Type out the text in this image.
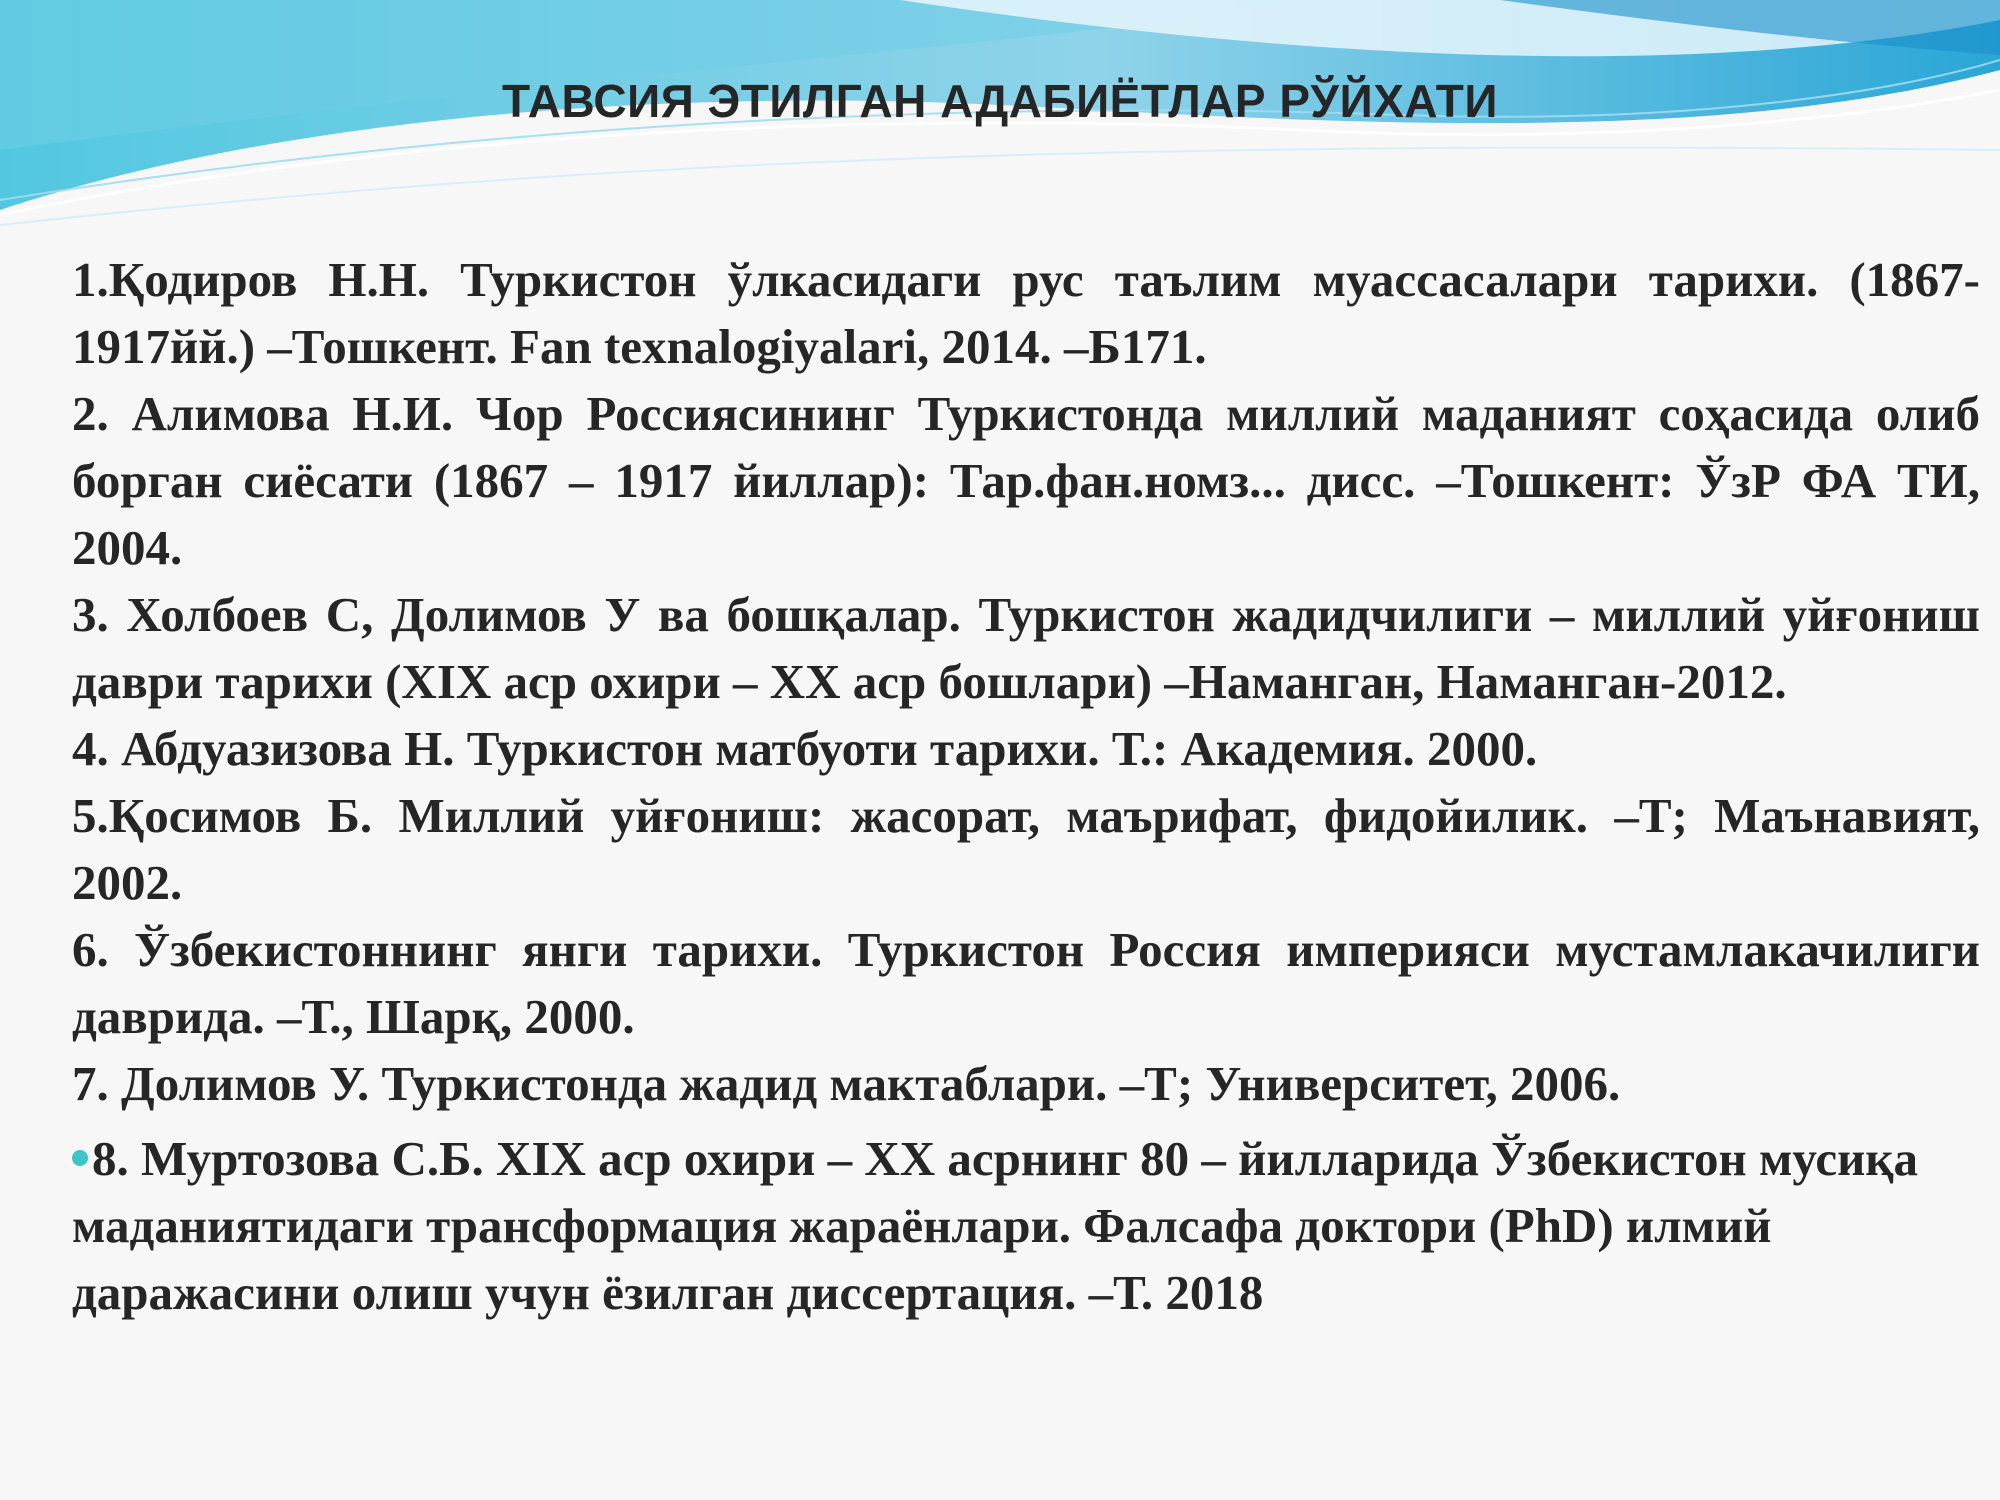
ТАВСИЯ ЭТИЛГАН АДАБИЁТЛАР РЎЙХАТИ

1.Қодиров Н.Н. Туркистон ўлкасидаги рус таълим муассасалари тарихи. (1867-1917йй.) –Тошкент. Fan texnalogiyalari, 2014. –Б171.

2. Алимова Н.И. Чор Россиясининг Туркистонда миллий маданият соҳасида олиб борган сиёсати (1867 – 1917 йиллар): Тар.фан.номз... дисс. –Тошкент: ЎзР ФА ТИ, 2004.

3. Холбоев С, Долимов У ва бошқалар. Туркистон жадидчилиги – миллий уйғониш даври тарихи (XIX аср охири – XX аср бошлари) –Наманган, Наманган-2012.

4. Абдуазизова Н. Туркистон матбуоти тарихи. Т.: Академия. 2000.

5.Қосимов Б. Миллий уйғониш: жасорат, маърифат, фидойилик. –Т; Маънавият, 2002.

6. Ўзбекистоннинг янги тарихи. Туркистон Россия империяси мустамлакачилиги даврида. –Т., Шарқ, 2000.

7. Долимов У. Туркистонда жадид мактаблари. –Т; Университет, 2006.

8. Муртозова С.Б. XIX аср охири – XX асрнинг 80 – йилларида Ўзбекистон мусиқа маданиятидаги трансформация жараёнлари. Фалсафа доктори (PhD) илмий даражасини олиш учун ёзилган диссертация. –Т. 2018
